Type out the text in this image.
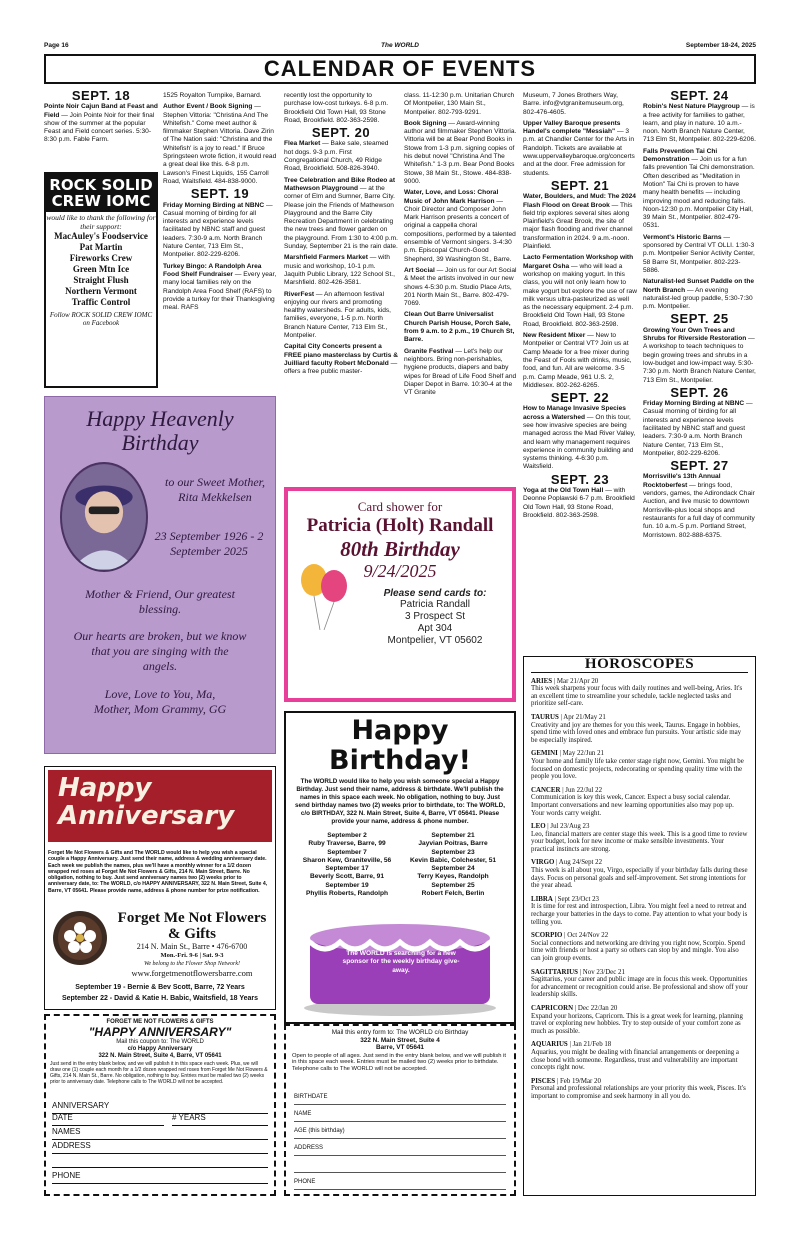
Page 16	The WORLD	September 18-24, 2025
CALENDAR OF EVENTS
SEPT. 18

Pointe Noir Cajun Band at Feast and Field — Join Pointe Noir for their final show of the summer at the popular Feast and Field concert series. 5:30-8:30 p.m. Fable Farm.

ROCK SOLID CREW IOMC
would like to thank the following for their support:
MacAuley's Foodservice
Pat Martin
Fireworks Crew
Green Mtn Ice
Straight Flush
Northern Vermont
Traffic Control
Follow ROCK SOLID CREW IOMC on Facebook

1525 Royalton Turnpike, Barnard.

Author Event / Book Signing — Stephen Vittoria: "Christina And The Whitefish." Come meet author & filmmaker Stephen Vittoria. Dave Zirin of The Nation said: "Christina and the Whitefish' is a joy to read." If Bruce Springsteen wrote fiction, it would read a great deal like this. 6-8 p.m. Lawson's Finest Liquids, 155 Carroll Road, Waitsfield. 484-838-9000.

SEPT. 19

Friday Morning Birding at NBNC — Casual morning of birding for all interests and experience levels facilitated by NBNC staff and guest leaders. 7:30-9 a.m. North Branch Nature Center, 713 Elm St., Montpelier. 802-229-6206.

Turkey Bingo: A Randolph Area Food Shelf Fundraiser — Every year, many local families rely on the Randolph Area Food Shelf (RAFS) to provide a turkey for their Thanksgiving meal. RAFS

recently lost the opportunity to purchase low-cost turkeys. 6-8 p.m. Brookfield Old Town Hall, 93 Stone Road, Brookfield. 802-363-2598.

SEPT. 20

Flea Market — Bake sale, steamed hot dogs. 9-3 p.m. First Congregational Church, 49 Ridge Road, Brookfield. 508-826-3940.

Tree Celebration and Bike Rodeo at Mathewson Playground — at the corner of Elm and Sumner, Barre City. Please join the Friends of Mathewson Playground and the Barre City Recreation Department in celebrating the new trees and flower garden on the playground. From 1:30 to 4:00 p.m. Sunday, September 21 is the rain date.

Marshfield Farmers Market — with music and workshop, 10-1 p.m. Jaquith Public Library, 122 School St., Marshfield. 802-426-3581.

RiverFest — An afternoon festival enjoying our rivers and promoting healthy watersheds. For adults, kids, families, everyone, 1-5 p.m. North Branch Nature Center, 713 Elm St., Montpelier.

Capital City Concerts present a FREE piano masterclass by Curtis & Juilliard faculty Robert McDonald — offers a free public master-

class. 11-12:30 p.m. Unitarian Church Of Montpelier, 130 Main St., Montpelier. 802-793-9291.

Book Signing — Award-winning author and filmmaker Stephen Vittoria. Vittoria will be at Bear Pond Books in Stowe from 1-3 p.m. signing copies of his debut novel "Christina And The Whitefish." 1-3 p.m. Bear Pond Books Stowe, 38 Main St., Stowe. 484-838-9000.

Water, Love, and Loss: Choral Music of John Mark Harrison — Choir Director and Composer John Mark Harrison presents a concert of original a cappella choral compositions, performed by a talented ensemble of Vermont singers. 3-4:30 p.m. Episcopal Church-Good Shepherd, 39 Washington St., Barre.

Art Social — Join us for our Art Social & Meet the artists involved in our new shows 4-5:30 p.m. Studio Place Arts, 201 North Main St., Barre. 802-479-7069.

Clean Out Barre Universalist Church Parish House, Porch Sale, from 9 a.m. to 2 p.m., 19 Church St, Barre.

Granite Festival — Let's help our neighbors. Bring non-perishables, hygiene products, diapers and baby wipes for Bread of Life Food Shelf and Diaper Depot in Barre. 10:30-4 at the VT Granite

Museum, 7 Jones Brothers Way, Barre. info@vtgranitemuseum.org, 802-476-4605.

Upper Valley Baroque presents Handel's complete "Messiah" — 3 p.m. at Chandler Center for the Arts in Randolph. Tickets are available at www.uppervalleybaroque.org/concerts and at the door. Free admission for students.

SEPT. 21

Water, Boulders, and Mud: The 2024 Flash Flood on Great Brook — This field trip explores several sites along Plainfield's Great Brook, the site of major flash flooding and river channel transformation in 2024. 9 a.m.-noon. Plainfield.

Lacto Fermentation Workshop with Margaret Osha — who will lead a workshop on making yogurt. In this class, you will not only learn how to make yogurt but explore the use of raw milk versus ultra-pasteurized as well as the necessary equipment. 2-4 p.m. Brookfield Old Town Hall, 93 Stone Road, Brookfield. 802-363-2598.

New Resident Mixer — New to Montpelier or Central VT? Join us at Camp Meade for a free mixer during the Feast of Fools with drinks, music, food, and fun. All are welcome. 3-5 p.m. Camp Meade, 961 U.S. 2, Middlesex. 802-262-6265.

SEPT. 22

How to Manage Invasive Species across a Watershed — On this tour, see how invasive species are being managed across the Mad River Valley, and learn why management requires experience in community building and systems thinking. 4-6:30 p.m. Waitsfield.

SEPT. 23

Yoga at the Old Town Hall — with Deonne Poplawski 6-7 p.m. Brookfield Old Town Hall, 93 Stone Road, Brookfield. 802-363-2598.

SEPT. 24

Robin's Nest Nature Playgroup — is a free activity for families to gather, learn, and play in nature. 10 a.m.-noon. North Branch Nature Center, 713 Elm St, Montpelier. 802-229-6206.

Falls Prevention Tai Chi Demonstration — Join us for a fun falls prevention Tai Chi demonstration. Often described as "Meditation in Motion" Tai Chi is proven to have many health benefits — including improving mood and reducing falls. Noon-12:30 p.m. Montpelier City Hall, 39 Main St., Montpelier. 802-479-0531.

Vermont's Historic Barns — sponsored by Central VT OLLI. 1:30-3 p.m. Montpelier Senior Activity Center, 58 Barre St, Montpelier. 802-223-5886.

Naturalist-led Sunset Paddle on the North Branch — An evening naturalist-led group paddle, 5:30-7:30 p.m. Montpelier.

SEPT. 25

Growing Your Own Trees and Shrubs for Riverside Restoration — A workshop to teach techniques to begin growing trees and shrubs in a low-budget and low-impact way. 5:30-7:30 p.m. North Branch Nature Center, 713 Elm St., Montpelier.

SEPT. 26

Friday Morning Birding at NBNC — Casual morning of birding for all interests and experience levels facilitated by NBNC staff and guest leaders. 7:30-9 a.m. North Branch Nature Center, 713 Elm St., Montpelier, 802-229-6206.

SEPT. 27

Morrisville's 13th Annual Rocktoberfest — brings food, vendors, games, the Adirondack Chair Auction, and live music to downtown Morrisville-plus local shops and restaurants for a full day of community fun. 10 a.m.-5 p.m. Portland Street, Morristown. 802-888-6375.

Happy Heavenly Birthday
to our Sweet Mother, Rita Mekkelsen
23 September 1926 - 2 September 2025
Mother & Friend, Our greatest blessing.
Our hearts are broken, but we know that you are singing with the angels.
Love, Love to You, Ma, Mother, Mom Grammy, GG
Happy Anniversary
Forget Me Not Flowers & Gifts and The WORLD would like to help you wish a special couple a Happy Anniversary. Just send their name, address & wedding anniversary date. Each week we publish the names, plus we'll have a monthly winner for a 1/2 dozen wrapped red roses at Forget Me Not Flowers & Gifts, 214 N. Main Street, Barre. No obligation, nothing to buy. Just send anniversary names two (2) weeks prior to anniversary date, to: The WORLD, c/o HAPPY ANNIVERSARY, 322 N. Main Street, Suite 4, Barre, VT 05641. Please provide name, address & phone number for prize notification.
Forget Me Not Flowers & Gifts
214 N. Main St., Barre • 476-6700
Mon.-Fri. 9-6 | Sat. 9-3
We belong to the Flower Shop Network!
www.forgetmenotflowersbarre.com
September 19 - Bernie & Bev Scott, Barre, 72 Years
September 22 - David & Katie H. Babic, Waitsfield, 18 Years
FORGET ME NOT FLOWERS & GIFTS
"HAPPY ANNIVERSARY"
Mail this coupon to: The WORLD
c/o Happy Anniversary
322 N. Main Street, Suite 4, Barre, VT 05641
Just send in the entry blank below, and we will publish it in this space each week. Plus, we will draw one (1) couple each month for a 1/2 dozen wrapped red roses from Forget Me Not Flowers & Gifts, 214 N. Main St., Barre. No obligation, nothing to buy. Entries must be mailed two (2) weeks prior to anniversary date. Telephone calls to The WORLD will not be accepted.
ANNIVERSARY
DATE	# YEARS
NAMES
ADDRESS
PHONE
Card shower for
Patricia (Holt) Randall
80th Birthday
9/24/2025
Please send cards to:
Patricia Randall
3 Prospect St
Apt 304
Montpelier, VT 05602
Happy Birthday!
The WORLD would like to help you wish someone special a Happy Birthday. Just send their name, address & birthdate. We'll publish the names in this space each week. No obligation, nothing to buy. Just send birthday names two (2) weeks prior to birthdate, to: The WORLD, c/o BIRTHDAY, 322 N. Main Street, Suite 4, Barre, VT 05641. Please provide your name, address & phone number.
September 2
Ruby Traverse, Barre, 99
September 7
Sharon Kew, Graniteville, 56
September 17
Beverly Scott, Barre, 91
September 19
Phyllis Roberts, Randolph
September 21
Jayvian Poitras, Barre
September 23
Kevin Babic, Colchester, 51
September 24
Terry Keyes, Randolph
September 25
Robert Felch, Berlin
The WORLD is searching for a new sponsor for the weekly birthday give-away.
Mail this entry form to: The WORLD c/o Birthday
322 N. Main Street, Suite 4
Barre, VT 05641
Open to people of all ages. Just send in the entry blank below, and we will publish it in this space each week. Entries must be mailed two (2) weeks prior to birthdate. Telephone calls to The WORLD will not be accepted.
BIRTHDATE
NAME
AGE (this birthday)
ADDRESS
PHONE
HOROSCOPES
ARIES | Mar 21/Apr 20
This week sharpens your focus with daily routines and well-being, Aries. It's an excellent time to streamline your schedule, tackle neglected tasks and prioritize self-care.
TAURUS | Apr 21/May 21
Creativity and joy are themes for you this week, Taurus. Engage in hobbies, spend time with loved ones and embrace fun pursuits. Your artistic side may be especially inspired.
GEMINI | May 22/Jun 21
Your home and family life take center stage right now, Gemini. You might be focused on domestic projects, redecorating or spending quality time with the people you love.
CANCER | Jun 22/Jul 22
Communication is key this week, Cancer. Expect a busy social calendar. Important conversations and new learning opportunities also may pop up. Your words carry weight.
LEO | Jul 23/Aug 23
Leo, financial matters are center stage this week. This is a good time to review your budget, look for new income or make sensible investments. Your practical instincts are strong.
VIRGO | Aug 24/Sept 22
This week is all about you, Virgo, especially if your birthday falls during these days. Focus on personal goals and self-improvement. Set strong intentions for the year ahead.
LIBRA | Sept 23/Oct 23
It is time for rest and introspection, Libra. You might feel a need to retreat and recharge your batteries in the days to come. Pay attention to what your body is telling you.
SCORPIO | Oct 24/Nov 22
Social connections and networking are driving you right now, Scorpio. Spend time with friends or host a party so others can stop by and mingle. You also can join group events.
SAGITTARIUS | Nov 23/Dec 21
Sagittarius, your career and public image are in focus this week. Opportunities for advancement or recognition could arise. Be professional and show off your leadership skills.
CAPRICORN | Dec 22/Jan 20
Expand your horizons, Capricorn. This is a great week for learning, planning travel or exploring new hobbies. Try to step outside of your comfort zone as much as possible.
AQUARIUS | Jan 21/Feb 18
Aquarius, you might be dealing with financial arrangements or deepening a close bond with someone. Regardless, trust and vulnerability are important concepts right now.
PISCES | Feb 19/Mar 20
Personal and professional relationships are your priority this week, Pisces. It's important to compromise and seek harmony in all you do.
